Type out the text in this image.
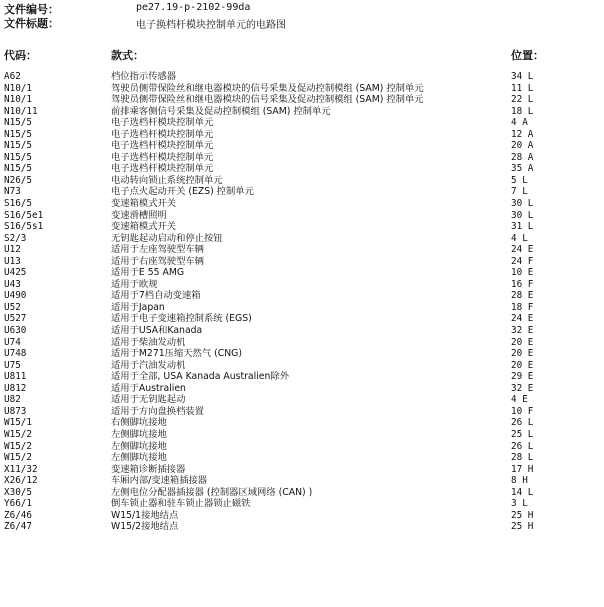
文件编号：	pe27.19-p-2102-99da
文件标题：	电子换档杆模块控制单元的电路图
代码：	款式：	位置：
A62	档位指示传感器	34 L
N10/1	驾驶员侧带保险丝和继电器模块的信号采集及促动控制模组 (SAM) 控制单元	11 L
N10/1	驾驶员侧带保险丝和继电器模块的信号采集及促动控制模组 (SAM) 控制单元	22 L
N10/11	前排乘客侧信号采集及促动控制模组 (SAM) 控制单元	18 L
N15/5	电子选档杆模块控制单元	4 A
N15/5	电子选档杆模块控制单元	12 A
N15/5	电子选档杆模块控制单元	20 A
N15/5	电子选档杆模块控制单元	28 A
N15/5	电子选档杆模块控制单元	35 A
N26/5	电动转向锁止系统控制单元	5 L
N73	电子点火起动开关 (EZS) 控制单元	7 L
S16/5	变速箱模式开关	30 L
S16/5e1	变速滑槽照明	30 L
S16/5s1	变速箱模式开关	31 L
S2/3	无钥匙起动启动和停止按钮	4 L
U12	适用于左座驾驶型车辆	24 E
U13	适用于右座驾驶型车辆	24 F
U425	适用于E 55 AMG	10 E
U43	适用于欧规	16 F
U490	适用于7档自动变速箱	28 E
U52	适用于Japan	18 F
U527	适用于电子变速箱控制系统 (EGS)	24 E
U630	适用于USA和Kanada	32 E
U74	适用于柴油发动机	20 E
U748	适用于M271压缩天然气 (CNG)	20 E
U75	适用于汽油发动机	20 E
U811	适用于全部, USA Kanada Australien除外	29 E
U812	适用于Australien	32 E
U82	适用于无钥匙起动	4 E
U873	适用于方向盘换档装置	10 F
W15/1	右侧脚坑接地	26 L
W15/2	左侧脚坑接地	25 L
W15/2	左侧脚坑接地	26 L
W15/2	左侧脚坑接地	28 L
X11/32	变速箱诊断插接器	17 H
X26/12	车厢内部/变速箱插接器	8 H
X30/5	左侧电位分配器插接器 (控制器区域网络 (CAN) )	14 L
Y66/1	倒车锁止器和驻车锁止器锁止磁铁	3 L
Z6/46	W15/1接地结点	25 H
Z6/47	W15/2接地结点	25 H
